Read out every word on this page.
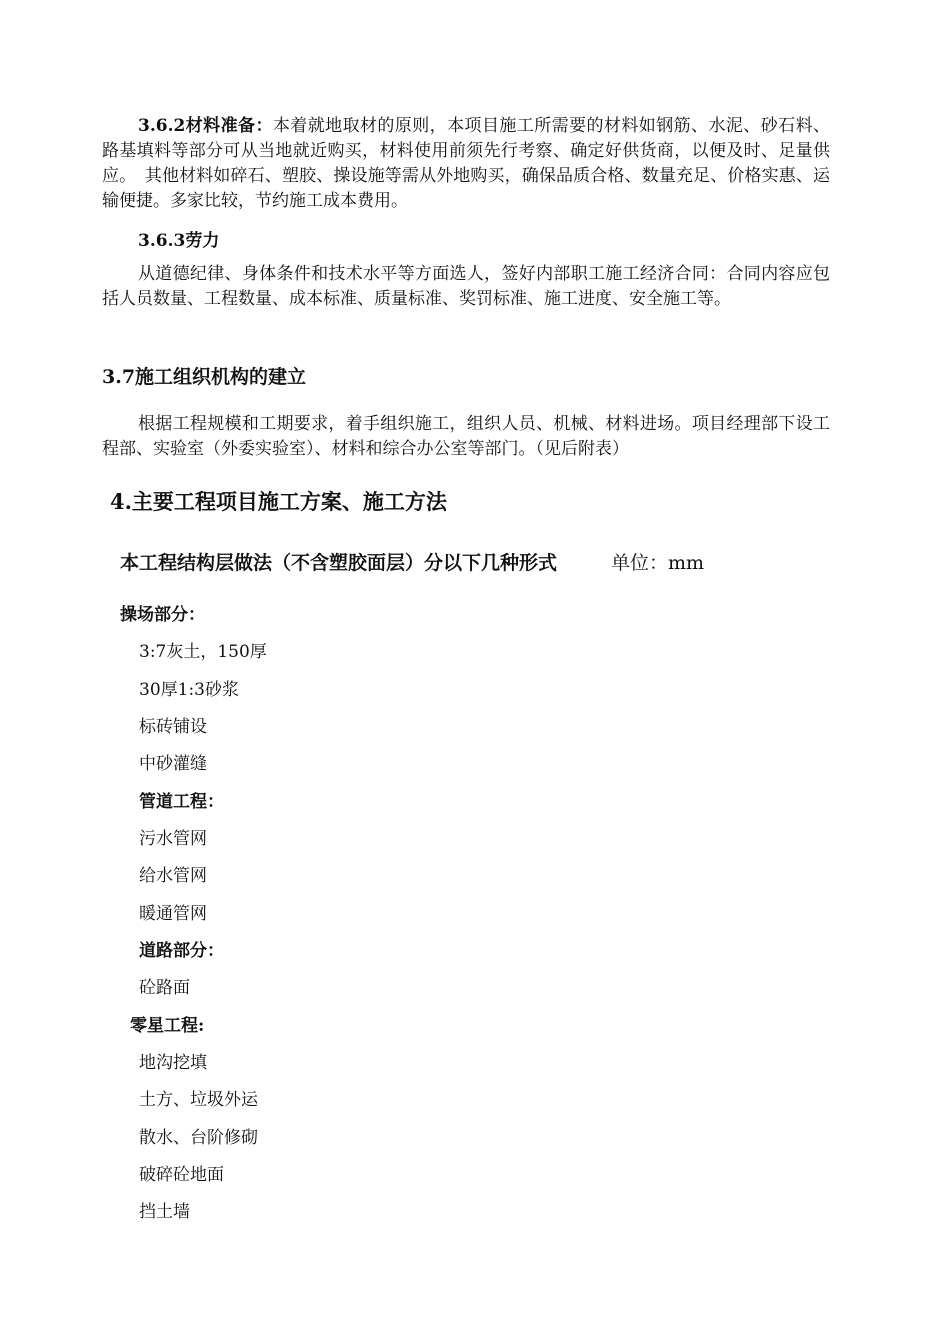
3.6.2材料准备：本着就地取材的原则，本项目施工所需要的材料如钢筋、水泥、砂石料、路基填料等部分可从当地就近购买，材料使用前须先行考察、确定好供货商，以便及时、足量供应。　其他材料如碎石、塑胶、操设施等需从外地购买，确保品质合格、数量充足、价格实惠、运输便捷。多家比较，节约施工成本费用。

3.6.3劳力

从道德纪律、身体条件和技术水平等方面选人，签好内部职工施工经济合同：合同内容应包括人员数量、工程数量、成本标准、质量标准、奖罚标准、施工进度、安全施工等。

3.7施工组织机构的建立

根据工程规模和工期要求，着手组织施工，组织人员、机械、材料进场。项目经理部下设工程部、实验室（外委实验室）、材料和综合办公室等部门。（见后附表）

4.主要工程项目施工方案、施工方法

本工程结构层做法（不含塑胶面层）分以下几种形式	单位：mm

操场部分：

3:7灰土，150厚

30厚1:3砂浆

标砖铺设

中砂灌缝

管道工程：

污水管网

给水管网

暖通管网

道路部分：

砼路面

零星工程:

地沟挖填

土方、垃圾外运

散水、台阶修砌

破碎砼地面

挡土墙
